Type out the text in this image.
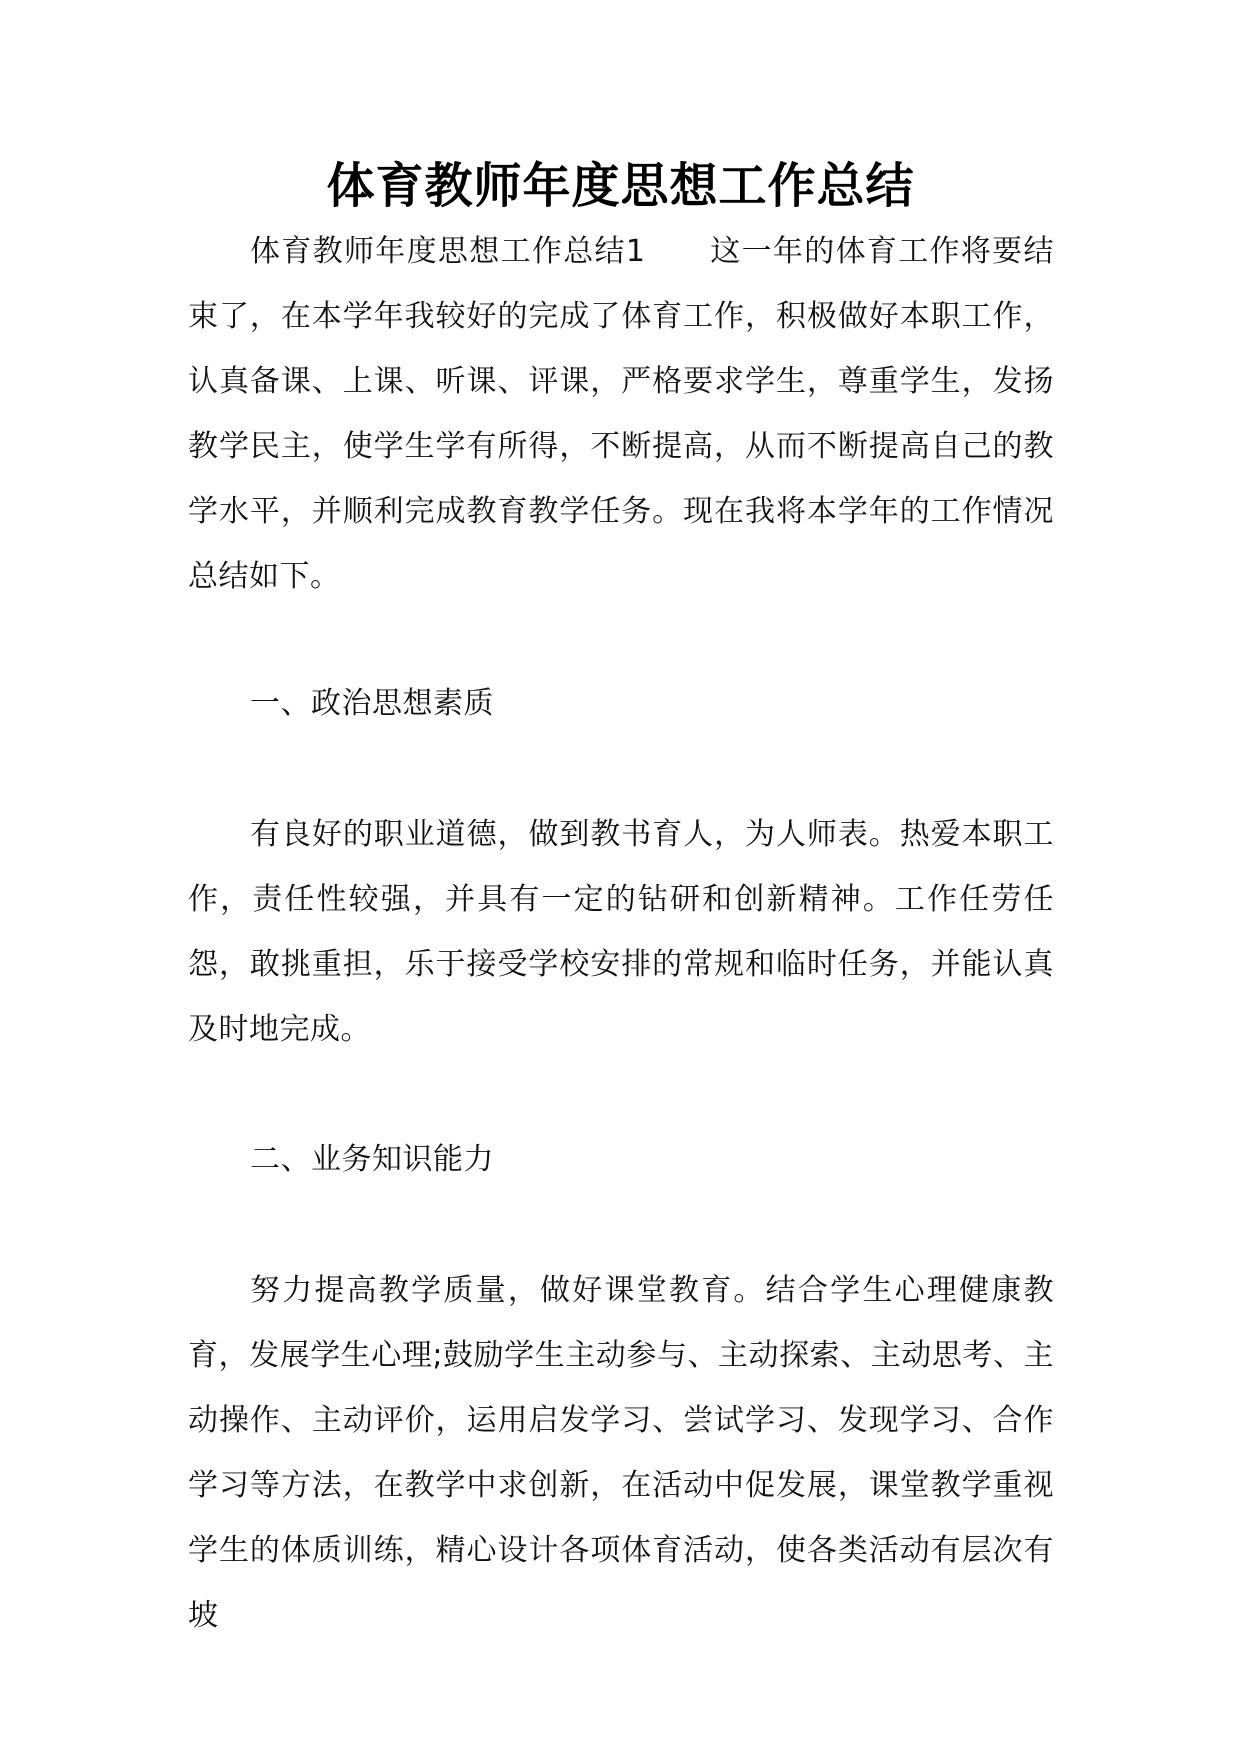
体育教师年度思想工作总结

体育教师年度思想工作总结1 这一年的体育工作将要结束了，在本学年我较好的完成了体育工作，积极做好本职工作，认真备课、上课、听课、评课，严格要求学生，尊重学生，发扬教学民主，使学生学有所得，不断提高，从而不断提高自己的教学水平，并顺利完成教育教学任务。现在我将本学年的工作情况总结如下。

一、政治思想素质

有良好的职业道德，做到教书育人，为人师表。热爱本职工作，责任性较强，并具有一定的钻研和创新精神。工作任劳任怨，敢挑重担，乐于接受学校安排的常规和临时任务，并能认真及时地完成。

二、业务知识能力

努力提高教学质量，做好课堂教育。结合学生心理健康教育，发展学生心理;鼓励学生主动参与、主动探索、主动思考、主动操作、主动评价，运用启发学习、尝试学习、发现学习、合作学习等方法，在教学中求创新，在活动中促发展，课堂教学重视学生的体质训练，精心设计各项体育活动，使各类活动有层次有坡
